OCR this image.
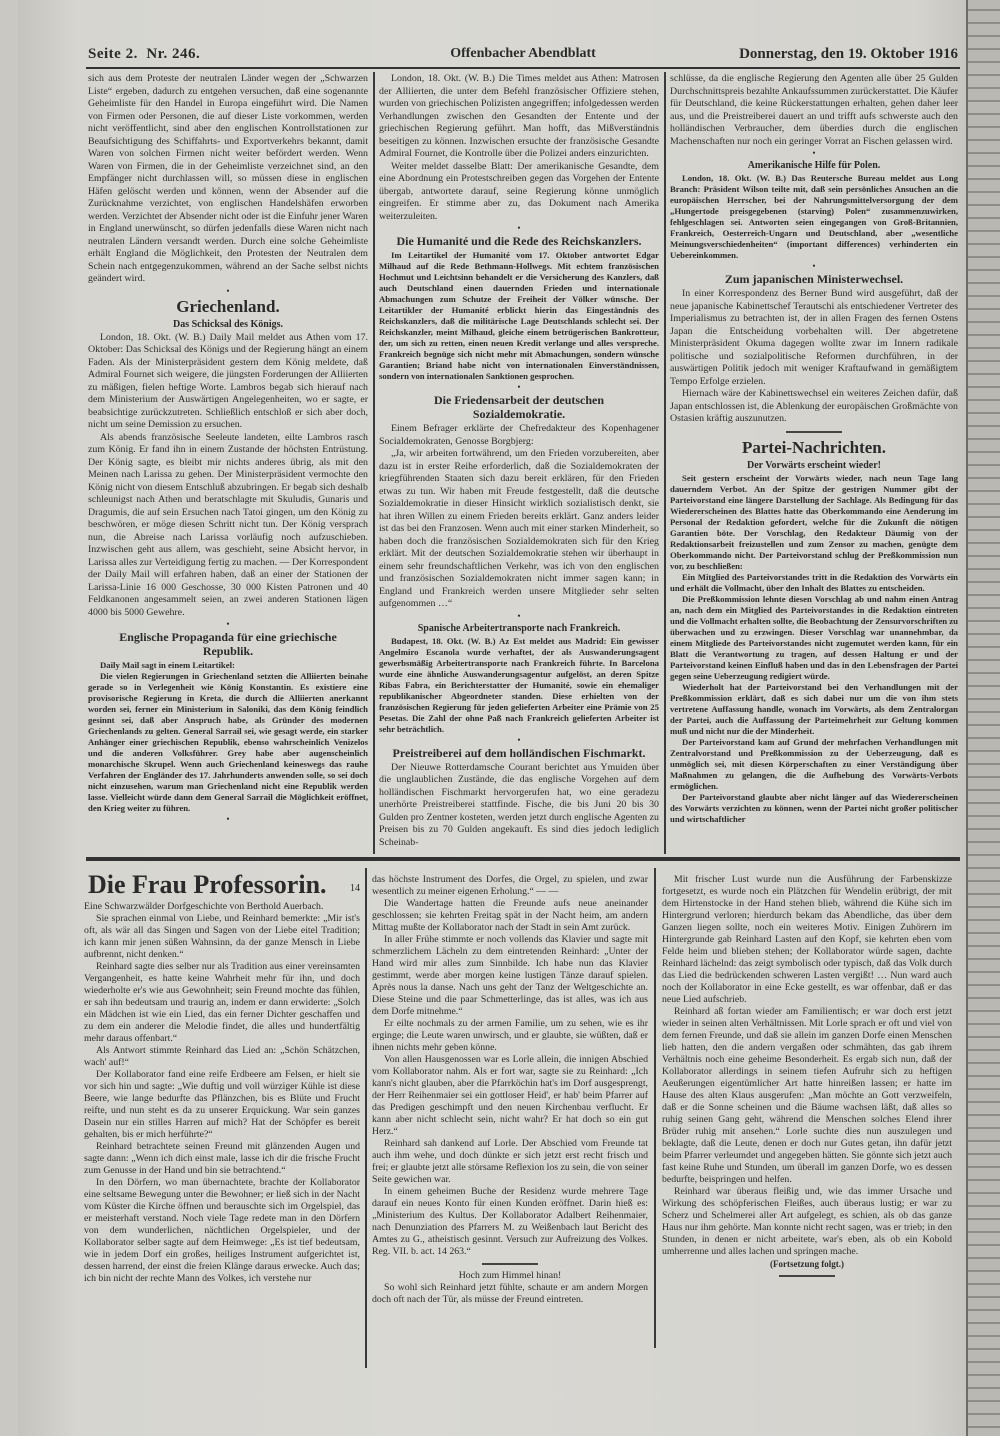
Seite 2. Nr. 246.	Offenbacher Abendblatt	Donnerstag, den 19. Oktober 1916

sich aus dem Proteste der neutralen Länder wegen der „Schwarzen Liste“ ergeben, dadurch zu entgehen versuchen, daß eine sogenannte Geheimliste für den Handel in Europa eingeführt wird. Die Namen von Firmen oder Personen, die auf dieser Liste vorkommen, werden nicht veröffentlicht, sind aber den englischen Kontrollstationen zur Beaufsichtigung des Schiffahrts- und Exportverkehrs bekannt, damit Waren von solchen Firmen nicht weiter befördert werden. Wenn Waren von Firmen, die in der Geheimliste verzeichnet sind, an den Empfänger nicht durchlassen will, so müssen diese in englischen Häfen gelöscht werden und können, wenn der Absender auf die Zurücknahme verzichtet, von englischen Handelshäfen erworben werden. Verzichtet der Absender nicht oder ist die Einfuhr jener Waren in England unerwünscht, so dürfen jedenfalls diese Waren nicht nach neutralen Ländern versandt werden. Durch eine solche Geheimliste erhält England die Möglichkeit, den Protesten der Neutralen dem Schein nach entgegenzukommen, während an der Sache selbst nichts geändert wird.

•
Griechenland.
Das Schicksal des Königs.

London, 18. Okt. (W. B.) Daily Mail meldet aus Athen vom 17. Oktober: Das Schicksal des Königs und der Regierung hängt an einem Faden. Als der Ministerpräsident gestern dem König meldete, daß Admiral Fournet sich weigere, die jüngsten Forderungen der Alliierten zu mäßigen, fielen heftige Worte. Lambros begab sich hierauf nach dem Ministerium der Auswärtigen Angelegenheiten, wo er sagte, er beabsichtige zurückzutreten. Schließlich entschloß er sich aber doch, nicht um seine Demission zu ersuchen.

Als abends französische Seeleute landeten, eilte Lambros rasch zum König. Er fand ihn in einem Zustande der höchsten Entrüstung. Der König sagte, es bleibt mir nichts anderes übrig, als mit den Meinen nach Larissa zu gehen. Der Ministerpräsident vermochte den König nicht von diesem Entschluß abzubringen. Er begab sich deshalb schleunigst nach Athen und beratschlagte mit Skuludis, Gunaris und Dragumis, die auf sein Ersuchen nach Tatoi gingen, um den König zu beschwören, er möge diesen Schritt nicht tun. Der König versprach nun, die Abreise nach Larissa vorläufig noch aufzuschieben. Inzwischen geht aus allem, was geschieht, seine Absicht hervor, in Larissa alles zur Verteidigung fertig zu machen. — Der Korrespondent der Daily Mail will erfahren haben, daß an einer der Stationen der Larissa-Linie 16 000 Geschosse, 30 000 Kisten Patronen und 40 Feldkanonen angesammelt seien, an zwei anderen Stationen lägen 4000 bis 5000 Gewehre.

•
Englische Propaganda für eine griechische Republik.

Daily Mail sagt in einem Leitartikel:

Die vielen Regierungen in Griechenland setzten die Alliierten beinahe gerade so in Verlegenheit wie König Konstantin. Es existiere eine provisorische Regierung in Kreta, die durch die Alliierten anerkannt worden sei, ferner ein Ministerium in Saloniki, das dem König feindlich gesinnt sei, daß aber Anspruch habe, als Gründer des modernen Griechenlands zu gelten. General Sarrail sei, wie gesagt werde, ein starker Anhänger einer griechischen Republik, ebenso wahrscheinlich Venizelos und die anderen Volksführer. Grey habe aber augenscheinlich monarchische Skrupel. Wenn auch Griechenland keineswegs das rauhe Verfahren der Engländer des 17. Jahrhunderts anwenden solle, so sei doch nicht einzusehen, warum man Griechenland nicht eine Republik werden lasse. Vielleicht würde dann dem General Sarrail die Möglichkeit eröffnet, den Krieg weiter zu führen.

•

London, 18. Okt. (W. B.) Die Times meldet aus Athen: Matrosen der Alliierten, die unter dem Befehl französischer Offiziere stehen, wurden von griechischen Polizisten angegriffen; infolgedessen werden Verhandlungen zwischen den Gesandten der Entente und der griechischen Regierung geführt. Man hofft, das Mißverständnis beseitigen zu können. Inzwischen ersuchte der französische Gesandte Admiral Fournet, die Kontrolle über die Polizei anders einzurichten.

Weiter meldet dasselbe Blatt: Der amerikanische Gesandte, dem eine Abordnung ein Protestschreiben gegen das Vorgehen der Entente übergab, antwortete darauf, seine Regierung könne unmöglich eingreifen. Er stimme aber zu, das Dokument nach Amerika weiterzuleiten.

•
Die Humanité und die Rede des Reichskanzlers.

Im Leitartikel der Humanité vom 17. Oktober antwortet Edgar Milhaud auf die Rede Bethmann-Hollwegs. Mit echtem französischen Hochmut und Leichtsinn behandelt er die Versicherung des Kanzlers, daß auch Deutschland einen dauernden Frieden und internationale Abmachungen zum Schutze der Freiheit der Völker wünsche. Der Leitartikler der Humanité erblickt hierin das Eingeständnis des Reichskanzlers, daß die militärische Lage Deutschlands schlecht sei. Der Reichskanzler, meint Milhaud, gleiche einem betrügerischen Bankrotteur, der, um sich zu retten, einen neuen Kredit verlange und alles verspreche. Frankreich begnüge sich nicht mehr mit Abmachungen, sondern wünsche Garantien; Briand habe nicht von internationalen Einverständnissen, sondern von internationalen Sanktionen gesprochen.

•
Die Friedensarbeit der deutschen Sozialdemokratie.

Einem Befrager erklärte der Chefredakteur des Kopenhagener Socialdemokraten, Genosse Borgbjerg:

„Ja, wir arbeiten fortwährend, um den Frieden vorzubereiten, aber dazu ist in erster Reihe erforderlich, daß die Sozialdemokraten der kriegführenden Staaten sich dazu bereit erklären, für den Frieden etwas zu tun. Wir haben mit Freude festgestellt, daß die deutsche Sozialdemokratie in dieser Hinsicht wirklich sozialistisch denkt, sie hat ihren Willen zu einem Frieden bereits erklärt. Ganz anders leider ist das bei den Franzosen. Wenn auch mit einer starken Minderheit, so haben doch die französischen Sozialdemokraten sich für den Krieg erklärt. Mit der deutschen Sozialdemokratie stehen wir überhaupt in einem sehr freundschaftlichen Verkehr, was ich von den englischen und französischen Sozialdemokraten nicht immer sagen kann; in England und Frankreich werden unsere Mitglieder sehr selten aufgenommen …“

•
Spanische Arbeitertransporte nach Frankreich.

Budapest, 18. Okt. (W. B.) Az Est meldet aus Madrid: Ein gewisser Angelmiro Escanola wurde verhaftet, der als Auswanderungsagent gewerbsmäßig Arbeitertransporte nach Frankreich führte. In Barcelona wurde eine ähnliche Auswanderungsagentur aufgelöst, an deren Spitze Ribas Fabra, ein Berichterstatter der Humanité, sowie ein ehemaliger republikanischer Abgeordneter standen. Diese erhielten von der französischen Regierung für jeden gelieferten Arbeiter eine Prämie von 25 Pesetas. Die Zahl der ohne Paß nach Frankreich gelieferten Arbeiter ist sehr beträchtlich.

•
Preistreiberei auf dem holländischen Fischmarkt.

Der Nieuwe Rotterdamsche Courant berichtet aus Ymuiden über die unglaublichen Zustände, die das englische Vorgehen auf dem holländischen Fischmarkt hervorgerufen hat, wo eine geradezu unerhörte Preistreiberei stattfinde. Fische, die bis Juni 20 bis 30 Gulden pro Zentner kosteten, werden jetzt durch englische Agenten zu Preisen bis zu 70 Gulden angekauft. Es sind dies jedoch lediglich Scheinab-

schlüsse, da die englische Regierung den Agenten alle über 25 Gulden Durchschnittspreis bezahlte Ankaufssummen zurückerstattet. Die Käufer für Deutschland, die keine Rückerstattungen erhalten, gehen daher leer aus, und die Preistreiberei dauert an und trifft aufs schwerste auch den holländischen Verbraucher, dem überdies durch die englischen Machenschaften nur noch ein geringer Vorrat an Fischen gelassen wird.

•
Amerikanische Hilfe für Polen.

London, 18. Okt. (W. B.) Das Reutersche Bureau meldet aus Long Branch: Präsident Wilson teilte mit, daß sein persönliches Ansuchen an die europäischen Herrscher, bei der Nahrungsmittelversorgung der dem „Hungertode preisgegebenen (starving) Polen“ zusammenzuwirken, fehlgeschlagen sei. Antworten seien eingegangen von Groß-Britannien, Frankreich, Oesterreich-Ungarn und Deutschland, aber „wesentliche Meinungsverschiedenheiten“ (important differences) verhinderten ein Uebereinkommen.

•
Zum japanischen Ministerwechsel.

In einer Korrespondenz des Berner Bund wird ausgeführt, daß der neue japanische Kabinettschef Terautschi als entschiedener Vertreter des Imperialismus zu betrachten ist, der in allen Fragen des fernen Ostens Japan die Entscheidung vorbehalten will. Der abgetretene Ministerpräsident Okuma dagegen wollte zwar im Innern radikale politische und sozialpolitische Reformen durchführen, in der auswärtigen Politik jedoch mit weniger Kraftaufwand in gemäßigtem Tempo Erfolge erzielen.

Hiernach wäre der Kabinettswechsel ein weiteres Zeichen dafür, daß Japan entschlossen ist, die Ablenkung der europäischen Großmächte von Ostasien kräftig auszunutzen.

Partei-Nachrichten.
Der Vorwärts erscheint wieder!

Seit gestern erscheint der Vorwärts wieder, nach neun Tage lang dauerndem Verbot. An der Spitze der gestrigen Nummer gibt der Parteivorstand eine längere Darstellung der Sachlage. Als Bedingung für das Wiedererscheinen des Blattes hatte das Oberkommando eine Aenderung im Personal der Redaktion gefordert, welche für die Zukunft die nötigen Garantien böte. Der Vorschlag, den Redakteur Däumig von der Redaktionsarbeit freizustellen und zum Zensor zu machen, genügte dem Oberkommando nicht. Der Parteivorstand schlug der Preßkommission nun vor, zu beschließen:

Ein Mitglied des Parteivorstandes tritt in die Redaktion des Vorwärts ein und erhält die Vollmacht, über den Inhalt des Blattes zu entscheiden.

Die Preßkommission lehnte diesen Vorschlag ab und nahm einen Antrag an, nach dem ein Mitglied des Parteivorstandes in die Redaktion eintreten und die Vollmacht erhalten sollte, die Beobachtung der Zensurvorschriften zu überwachen und zu erzwingen. Dieser Vorschlag war unannehmbar, da einem Mitgliede des Parteivorstandes nicht zugemutet werden kann, für ein Blatt die Verantwortung zu tragen, auf dessen Haltung er und der Parteivorstand keinen Einfluß haben und das in den Lebensfragen der Partei gegen seine Ueberzeugung redigiert würde.

Wiederholt hat der Parteivorstand bei den Verhandlungen mit der Preßkommission erklärt, daß es sich dabei nur um die von ihm stets vertretene Auffassung handle, wonach im Vorwärts, als dem Zentralorgan der Partei, auch die Auffassung der Parteimehrheit zur Geltung kommen muß und nicht nur die der Minderheit.

Der Parteivorstand kam auf Grund der mehrfachen Verhandlungen mit Zentralvorstand und Preßkommission zu der Ueberzeugung, daß es unmöglich sei, mit diesen Körperschaften zu einer Verständigung über Maßnahmen zu gelangen, die die Aufhebung des Vorwärts-Verbots ermöglichen.

Der Parteivorstand glaubte aber nicht länger auf das Wiedererscheinen des Vorwärts verzichten zu können, wenn der Partei nicht großer politischer und wirtschaftlicher

Die Frau Professorin. 14

Eine Schwarzwälder Dorfgeschichte von Berthold Auerbach.

Sie sprachen einmal von Liebe, und Reinhard bemerkte: „Mir ist's oft, als wär all das Singen und Sagen von der Liebe eitel Tradition; ich kann mir jenen süßen Wahnsinn, da der ganze Mensch in Liebe aufbrennt, nicht denken.“

Reinhard sagte dies selber nur als Tradition aus einer vereinsamten Vergangenheit, es hatte keine Wahrheit mehr für ihn, und doch wiederholte er's wie aus Gewohnheit; sein Freund mochte das fühlen, er sah ihn bedeutsam und traurig an, indem er dann erwiderte: „Solch ein Mädchen ist wie ein Lied, das ein ferner Dichter geschaffen und zu dem ein anderer die Melodie findet, die alles und hundertfältig mehr daraus offenbart.“

Als Antwort stimmte Reinhard das Lied an: „Schön Schätzchen, wach' auf!“

Der Kollaborator fand eine reife Erdbeere am Felsen, er hielt sie vor sich hin und sagte: „Wie duftig und voll würziger Kühle ist diese Beere, wie lange bedurfte das Pflänzchen, bis es Blüte und Frucht reifte, und nun steht es da zu unserer Erquickung. War sein ganzes Dasein nur ein stilles Harren auf mich? Hat der Schöpfer es bereit gehalten, bis er mich herführte?“

Reinhard betrachtete seinen Freund mit glänzenden Augen und sagte dann: „Wenn ich dich einst male, lasse ich dir die frische Frucht zum Genusse in der Hand und bin sie betrachtend.“

In den Dörfern, wo man übernachtete, brachte der Kollaborator eine seltsame Bewegung unter die Bewohner; er ließ sich in der Nacht vom Küster die Kirche öffnen und berauschte sich im Orgelspiel, das er meisterhaft verstand. Noch viele Tage redete man in den Dörfern von dem wunderlichen, nächtlichen Orgelspieler, und der Kollaborator selber sagte auf dem Heimwege: „Es ist tief bedeutsam, wie in jedem Dorf ein großes, heiliges Instrument aufgerichtet ist, dessen harrend, der einst die freien Klänge daraus erwecke. Auch das; ich bin nicht der rechte Mann des Volkes, ich verstehe nur

das höchste Instrument des Dorfes, die Orgel, zu spielen, und zwar wesentlich zu meiner eigenen Erholung.“ — —

Die Wandertage hatten die Freunde aufs neue aneinander geschlossen; sie kehrten Freitag spät in der Nacht heim, am andern Mittag mußte der Kollaborator nach der Stadt in sein Amt zurück.

In aller Frühe stimmte er noch vollends das Klavier und sagte mit schmerzlichem Lächeln zu dem eintretenden Reinhard: „Unter der Hand wird mir alles zum Sinnbilde. Ich habe nun das Klavier gestimmt, werde aber morgen keine lustigen Tänze darauf spielen. Après nous la danse. Nach uns geht der Tanz der Weltgeschichte an. Diese Steine und die paar Schmetterlinge, das ist alles, was ich aus dem Dorfe mitnehme.“

Er eilte nochmals zu der armen Familie, um zu sehen, wie es ihr erginge; die Leute waren unwirsch, und er glaubte, sie wüßten, daß er ihnen nichts mehr geben könne.

Von allen Hausgenossen war es Lorle allein, die innigen Abschied vom Kollaborator nahm. Als er fort war, sagte sie zu Reinhard: „Ich kann's nicht glauben, aber die Pfarrköchin hat's im Dorf ausgesprengt, der Herr Reihenmaier sei ein gottloser Heid', er hab' beim Pfarrer auf das Predigen geschimpft und den neuen Kirchenbau verflucht. Er kann aber nicht schlecht sein, nicht wahr? Er hat doch so ein gut Herz.“

Reinhard sah dankend auf Lorle. Der Abschied vom Freunde tat auch ihm wehe, und doch dünkte er sich jetzt erst recht frisch und frei; er glaubte jetzt alle störsame Reflexion los zu sein, die von seiner Seite gewichen war.

In einem geheimen Buche der Residenz wurde mehrere Tage darauf ein neues Konto für einen Kunden eröffnet. Darin hieß es: „Ministerium des Kultus. Der Kollaborator Adalbert Reihenmaier, nach Denunziation des Pfarrers M. zu Weißenbach laut Bericht des Amtes zu G., atheistisch gesinnt. Versuch zur Aufreizung des Volkes. Reg. VII. b. act. 14 263.“

Hoch zum Himmel hinan!

So wohl sich Reinhard jetzt fühlte, schaute er am andern Morgen doch oft nach der Tür, als müsse der Freund eintreten.

Mit frischer Lust wurde nun die Ausführung der Farbenskizze fortgesetzt, es wurde noch ein Plätzchen für Wendelin erübrigt, der mit dem Hirtenstocke in der Hand stehen blieb, während die Kühe sich im Hintergrund verloren; hierdurch bekam das Abendliche, das über dem Ganzen liegen sollte, noch ein weiteres Motiv. Einigen Zuhörern im Hintergrunde gab Reinhard Lasten auf den Kopf, sie kehrten eben vom Felde heim und blieben stehen; der Kollaborator würde sagen, dachte Reinhard lächelnd: das zeigt symbolisch oder typisch, daß das Volk durch das Lied die bedrückenden schweren Lasten vergißt! … Nun ward auch noch der Kollaborator in eine Ecke gestellt, es war offenbar, daß er das neue Lied aufschrieb.

Reinhard aß fortan wieder am Familientisch; er war doch erst jetzt wieder in seinen alten Verhältnissen. Mit Lorle sprach er oft und viel von dem fernen Freunde, und daß sie allein im ganzen Dorfe einen Menschen lieb hatten, den die andern vergaßen oder schmähten, das gab ihrem Verhältnis noch eine geheime Besonderheit. Es ergab sich nun, daß der Kollaborator allerdings in seinem tiefen Aufruhr sich zu heftigen Aeußerungen eigentümlicher Art hatte hinreißen lassen; er hatte im Hause des alten Klaus ausgerufen: „Man möchte an Gott verzweifeln, daß er die Sonne scheinen und die Bäume wachsen läßt, daß alles so ruhig seinen Gang geht, während die Menschen solches Elend ihrer Brüder ruhig mit ansehen.“ Lorle suchte dies nun auszulegen und beklagte, daß die Leute, denen er doch nur Gutes getan, ihn dafür jetzt beim Pfarrer verleumdet und angegeben hätten. Sie gönnte sich jetzt auch fast keine Ruhe und Stunden, um überall im ganzen Dorfe, wo es dessen bedurfte, beispringen und helfen.

Reinhard war überaus fleißig und, wie das immer Ursache und Wirkung des schöpferischen Fleißes, auch überaus lustig; er war zu Scherz und Schelmerei aller Art aufgelegt, es schien, als ob das ganze Haus nur ihm gehörte. Man konnte nicht recht sagen, was er trieb; in den Stunden, in denen er nicht arbeitete, war's eben, als ob ein Kobold umherrenne und alles lachen und springen mache.

(Fortsetzung folgt.)
